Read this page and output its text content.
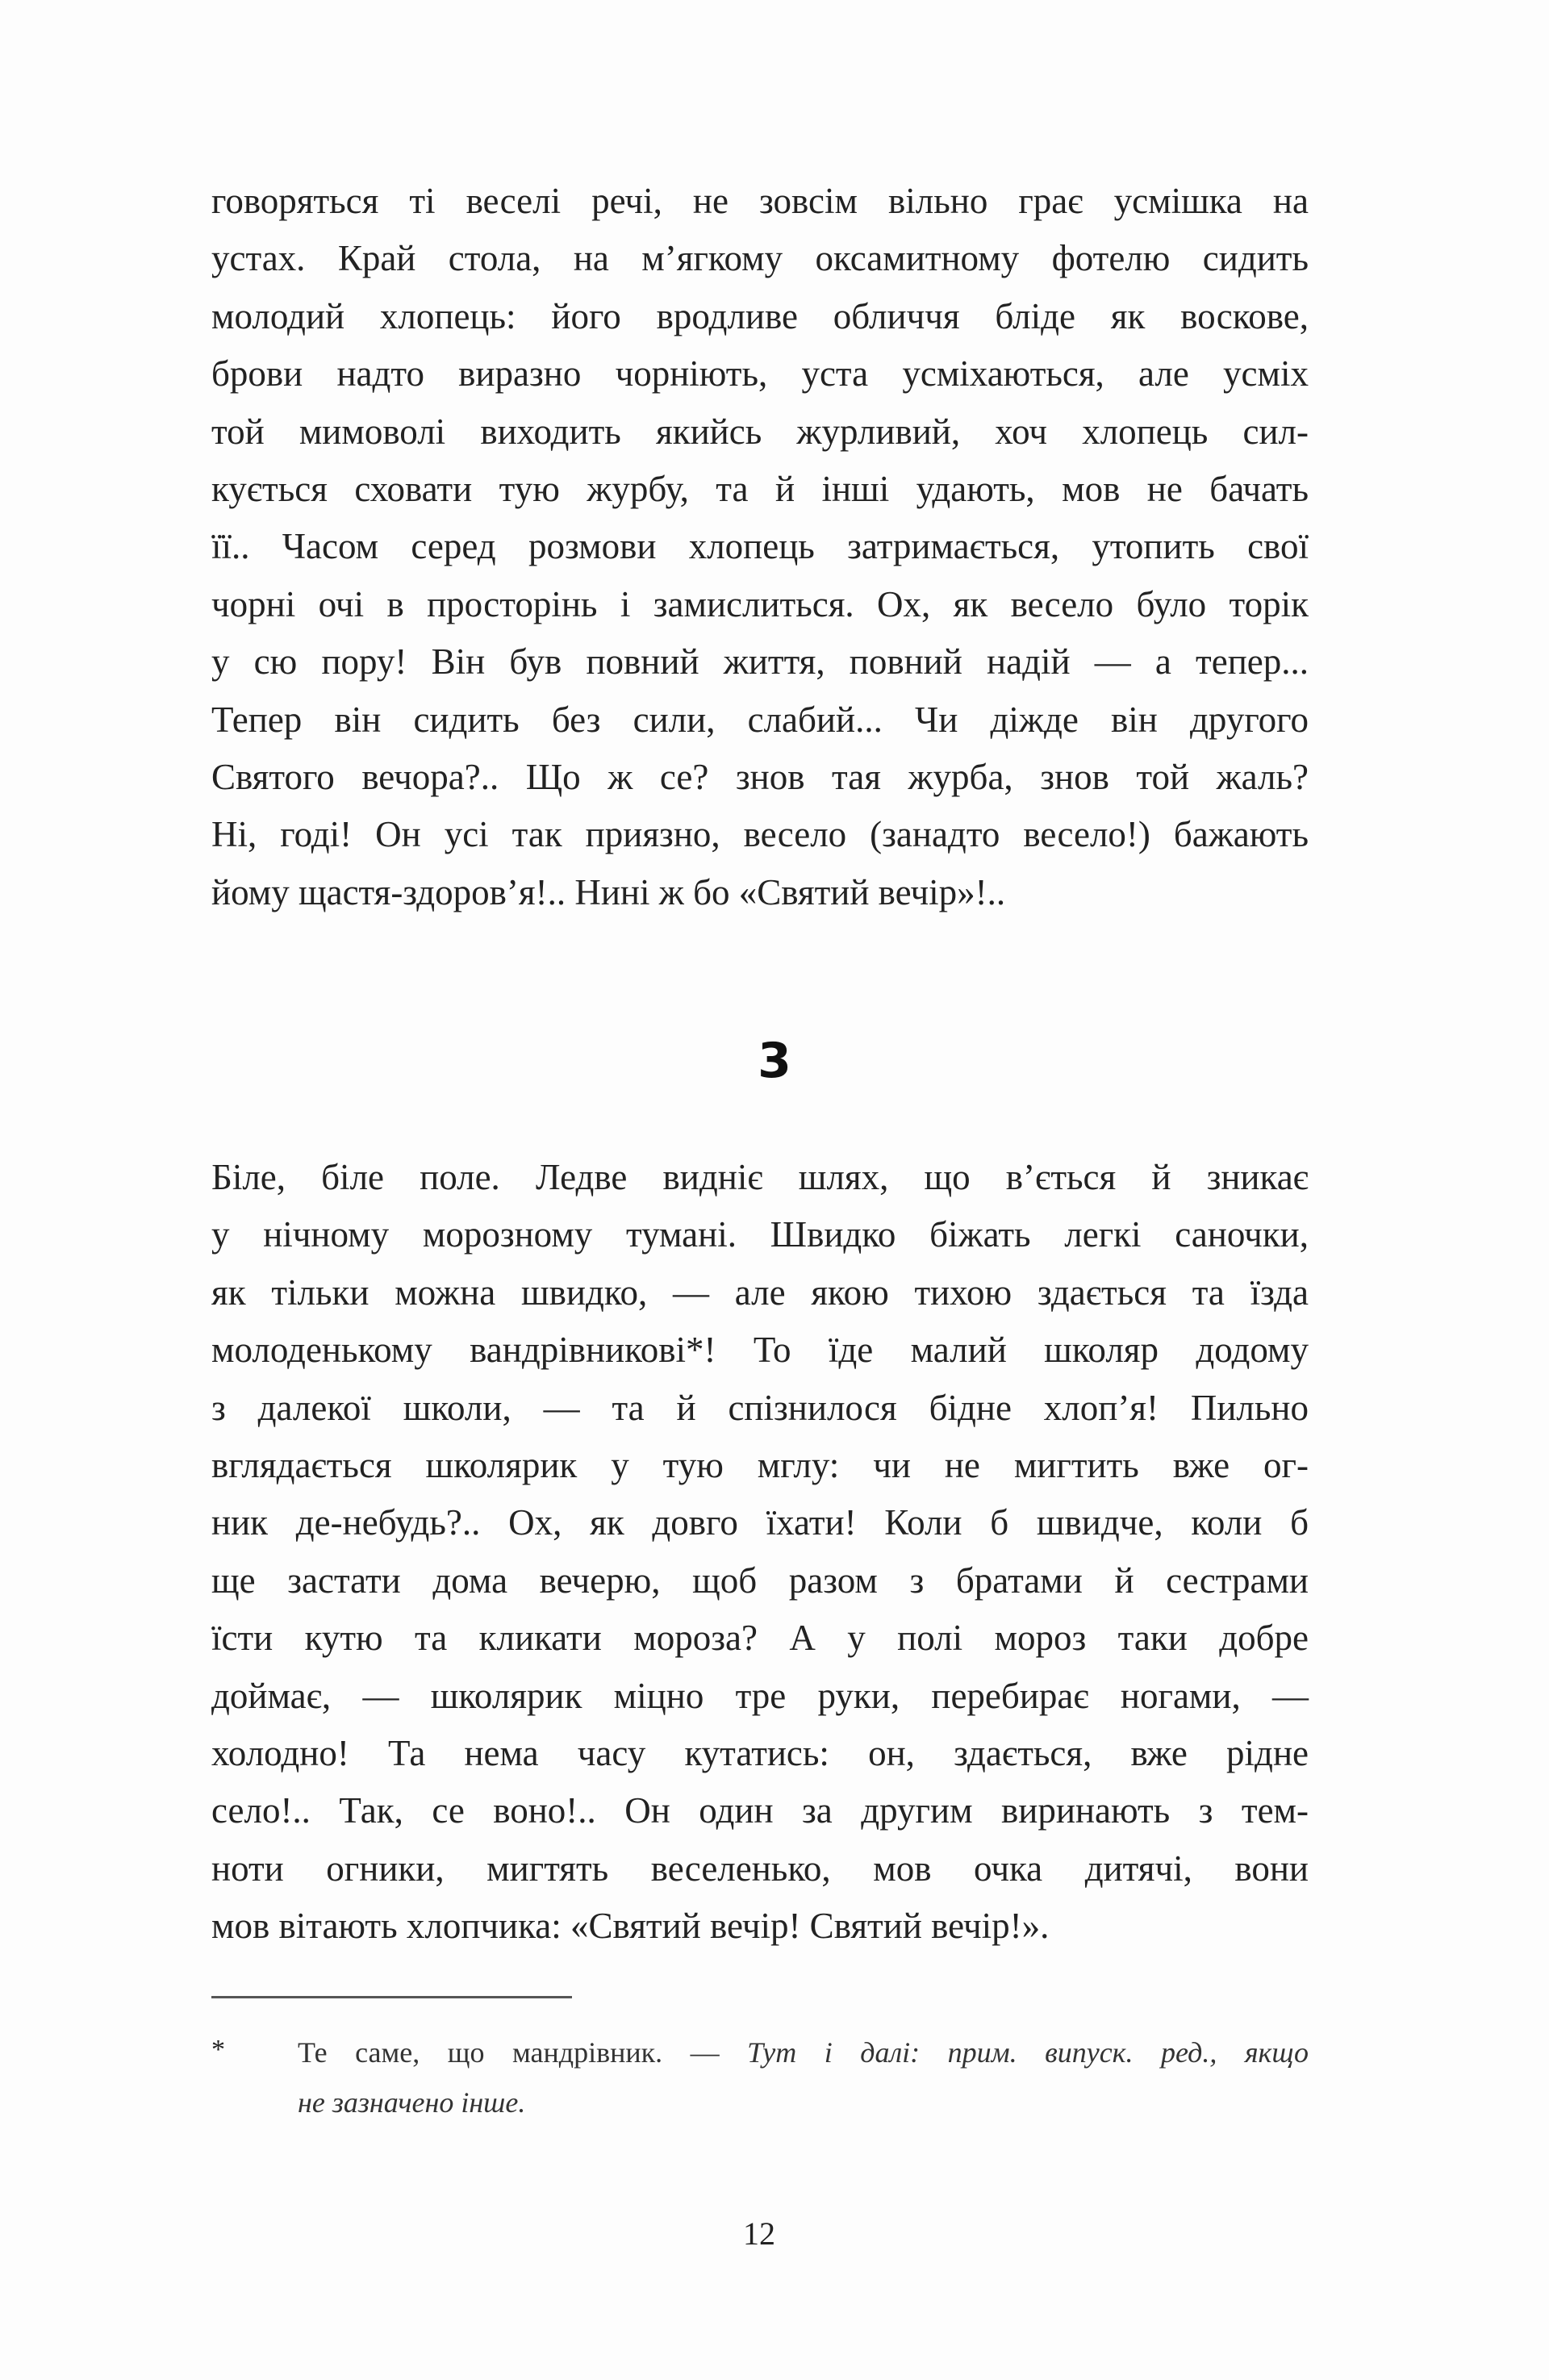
говоряться ті веселі речі, не зовсім вільно грає усмішка на
устах. Край стола, на м’ягкому оксамитному фотелю сидить
молодий хлопець: його вродливе обличчя бліде як воскове,
брови надто виразно чорніють, уста усміхаються, але усміх
той мимоволі виходить якийсь журливий, хоч хлопець сил-
кується сховати тую журбу, та й інші удають, мов не бачать
її.. Часом серед розмови хлопець затримається, утопить свої
чорні очі в просторінь і замислиться. Ох, як весело було торік
у сю пору! Він був повний життя, повний надій — а тепер...
Тепер він сидить без сили, слабий... Чи діжде він другого
Святого вечора?.. Що ж се? знов тая журба, знов той жаль?
Ні, годі! Он усі так приязно, весело (занадто весело!) бажають
йому щастя-здоров’я!.. Нині ж бо «Святий вечір»!..
3
Біле, біле поле. Ледве видніє шлях, що в’ється й зникає
у нічному морозному тумані. Швидко біжать легкі саночки,
як тільки можна швидко, — але якою тихою здається та їзда
молоденькому вандрівникові*! То їде малий школяр додому
з далекої школи, — та й спізнилося бідне хлоп’я! Пильно
вглядається школярик у тую мглу: чи не мигтить вже ог-
ник де-небудь?.. Ох, як довго їхати! Коли б швидче, коли б
ще застати дома вечерю, щоб разом з братами й сестрами
їсти кутю та кликати мороза? А у полі мороз таки добре
доймає, — школярик міцно тре руки, перебирає ногами, —
холодно! Та нема часу кутатись: он, здається, вже рідне
село!.. Так, се воно!.. Он один за другим виринають з тем-
ноти огники, мигтять веселенько, мов очка дитячі, вони
мов вітають хлопчика: «Святий вечір! Святий вечір!».
*	Те саме, що мандрівник. — Тут і далі: прим. випуск. ред., якщо
не зазначено інше.
12
